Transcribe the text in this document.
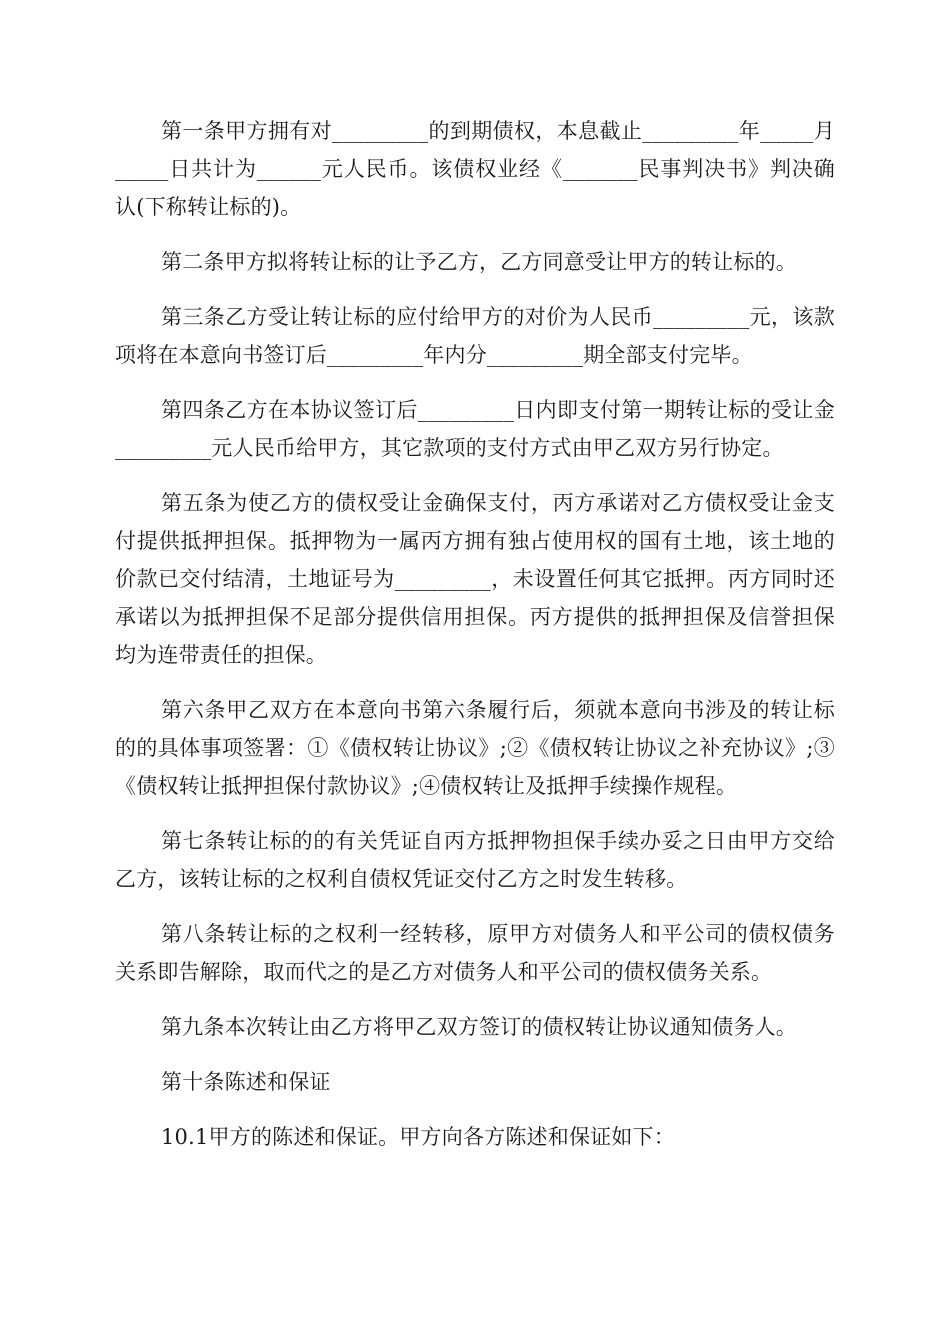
第一条甲方拥有对_________的到期债权，本息截止_________年_____月_____日共计为______元人民币。该债权业经《_______民事判决书》判决确认(下称转让标的)。

第二条甲方拟将转让标的让予乙方，乙方同意受让甲方的转让标的。

第三条乙方受让转让标的应付给甲方的对价为人民币_________元，该款项将在本意向书签订后_________年内分_________期全部支付完毕。

第四条乙方在本协议签订后_________日内即支付第一期转让标的受让金_________元人民币给甲方，其它款项的支付方式由甲乙双方另行协定。

第五条为使乙方的债权受让金确保支付，丙方承诺对乙方债权受让金支付提供抵押担保。抵押物为一属丙方拥有独占使用权的国有土地，该土地的价款已交付结清，土地证号为_________，未设置任何其它抵押。丙方同时还承诺以为抵押担保不足部分提供信用担保。丙方提供的抵押担保及信誉担保均为连带责任的担保。

第六条甲乙双方在本意向书第六条履行后，须就本意向书涉及的转让标的的具体事项签署：①《债权转让协议》;②《债权转让协议之补充协议》;③《债权转让抵押担保付款协议》;④债权转让及抵押手续操作规程。

第七条转让标的的有关凭证自丙方抵押物担保手续办妥之日由甲方交给乙方，该转让标的之权利自债权凭证交付乙方之时发生转移。

第八条转让标的之权利一经转移，原甲方对债务人和平公司的债权债务关系即告解除，取而代之的是乙方对债务人和平公司的债权债务关系。

第九条本次转让由乙方将甲乙双方签订的债权转让协议通知债务人。

第十条陈述和保证

10.1甲方的陈述和保证。甲方向各方陈述和保证如下：
